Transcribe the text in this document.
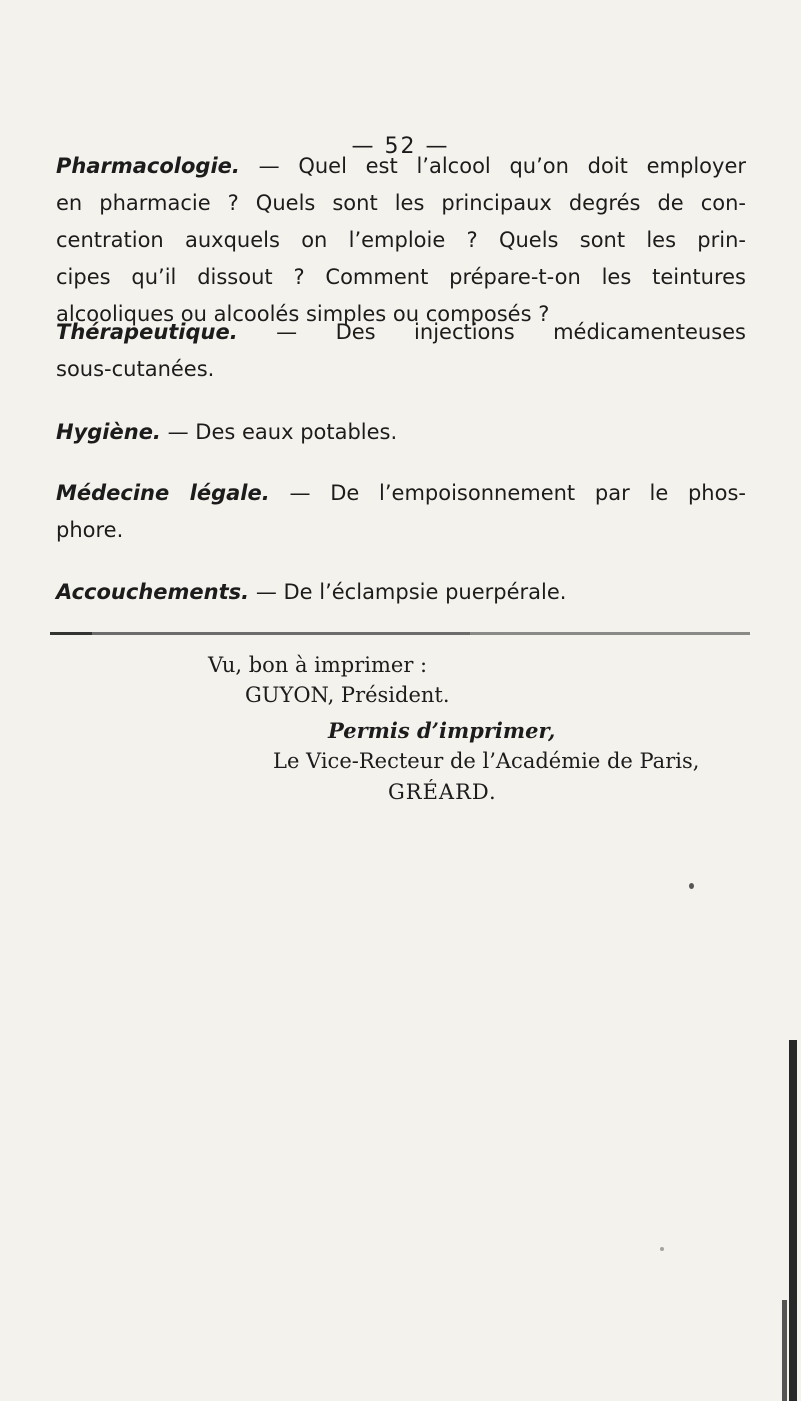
— 52 —

Pharmacologie. — Quel est l’alcool qu’on doit employer

en pharmacie ? Quels sont les principaux degrés de con-

centration auxquels on l’emploie ? Quels sont les prin-

cipes qu’il dissout ? Comment prépare-t-on les teintures

alcooliques ou alcoolés simples ou composés ?

Thérapeutique. — Des injections médicamenteuses

sous-cutanées.

Hygiène. — Des eaux potables.

Médecine légale. — De l’empoisonnement par le phos-

phore.

Accouchements. — De l’éclampsie puerpérale.

Vu, bon à imprimer :
GUYON, Président.
Permis d’imprimer,
Le Vice-Recteur de l’Académie de Paris,
GRÉARD.
